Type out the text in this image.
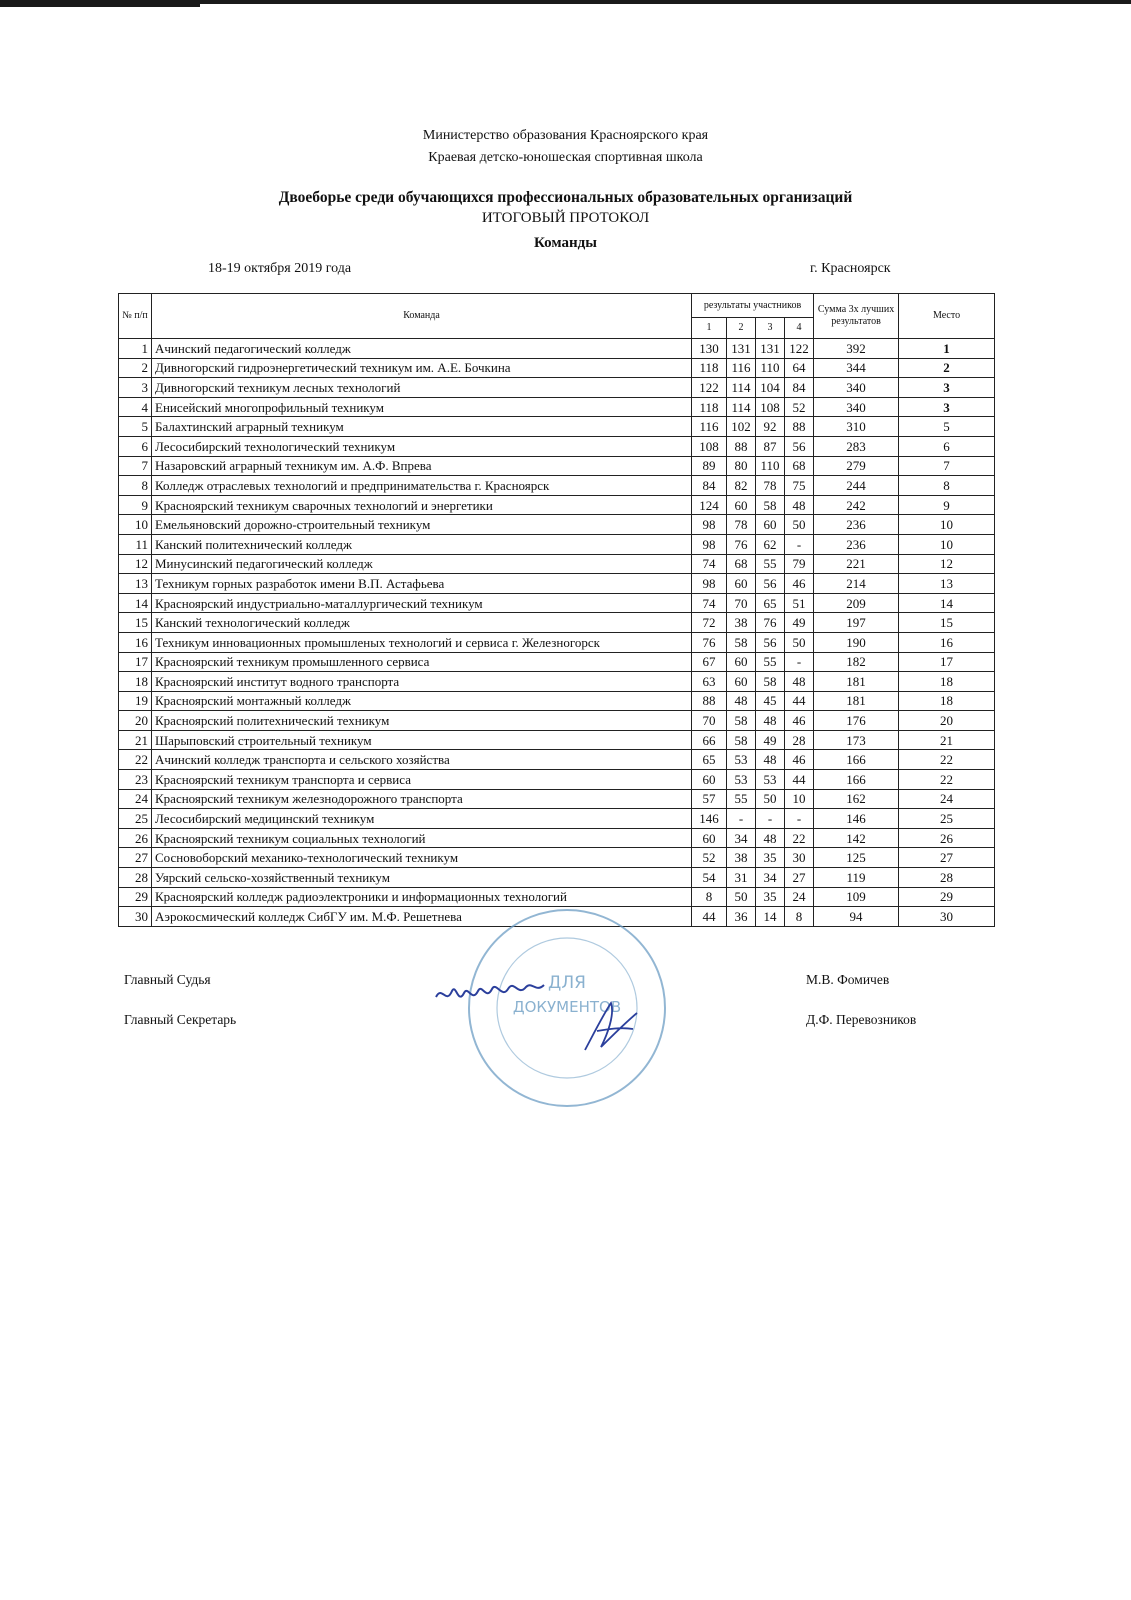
Министерство образования Красноярского края
Краевая детско-юношеская спортивная школа
Двоеборье среди обучающихся профессиональных образовательных организаций
ИТОГОВЫЙ ПРОТОКОЛ
Команды
18-19 октября 2019 года	г. Красноярск
№ п/п	Команда	результаты участников				Сумма 3х лучших результатов	Место
		1	2	3	4		
1	Ачинский педагогический колледж	130	131	131	122	392	1
2	Дивногорский гидроэнергетический техникум им. А.Е. Бочкина	118	116	110	64	344	2
3	Дивногорский техникум лесных технологий	122	114	104	84	340	3
4	Енисейский многопрофильный техникум	118	114	108	52	340	3
5	Балахтинский аграрный техникум	116	102	92	88	310	5
6	Лесосибирский технологический техникум	108	88	87	56	283	6
7	Назаровский аграрный техникум им. А.Ф. Впрева	89	80	110	68	279	7
8	Колледж отраслевых технологий и предпринимательства г. Красноярск	84	82	78	75	244	8
9	Красноярский техникум сварочных технологий и энергетики	124	60	58	48	242	9
10	Емельяновский дорожно-строительный техникум	98	78	60	50	236	10
11	Канский политехнический колледж	98	76	62	-	236	10
12	Минусинский педагогический колледж	74	68	55	79	221	12
13	Техникум горных разработок имени В.П. Астафьева	98	60	56	46	214	13
14	Красноярский индустриально-маталлургический техникум	74	70	65	51	209	14
15	Канский технологический колледж	72	38	76	49	197	15
16	Техникум инновационных промышленых технологий и сервиса г. Железногорск	76	58	56	50	190	16
17	Красноярский техникум промышленного сервиса	67	60	55	-	182	17
18	Красноярский институт водного транспорта	63	60	58	48	181	18
19	Красноярский монтажный колледж	88	48	45	44	181	18
20	Красноярский политехнический техникум	70	58	48	46	176	20
21	Шарыповский строительный техникум	66	58	49	28	173	21
22	Ачинский колледж транспорта и сельского хозяйства	65	53	48	46	166	22
23	Красноярский техникум транспорта и сервиса	60	53	53	44	166	22
24	Красноярский техникум железнодорожного транспорта	57	55	50	10	162	24
25	Лесосибирский медицинский техникум	146	-	-	-	146	25
26	Красноярский техникум социальных технологий	60	34	48	22	142	26
27	Сосновоборский механико-технологический техникум	52	38	35	30	125	27
28	Уярский сельско-хозяйственный техникум	54	31	34	27	119	28
29	Красноярский колледж радиоэлектроники и информационных технологий	8	50	35	24	109	29
30	Аэрокосмический колледж СибГУ им. М.Ф. Решетнева	44	36	14	8	94	30
Главный Судья	М.В. Фомичев
Главный Секретарь	Д.Ф. Перевозников
ДЛЯ
ДОКУМЕНТОВ
